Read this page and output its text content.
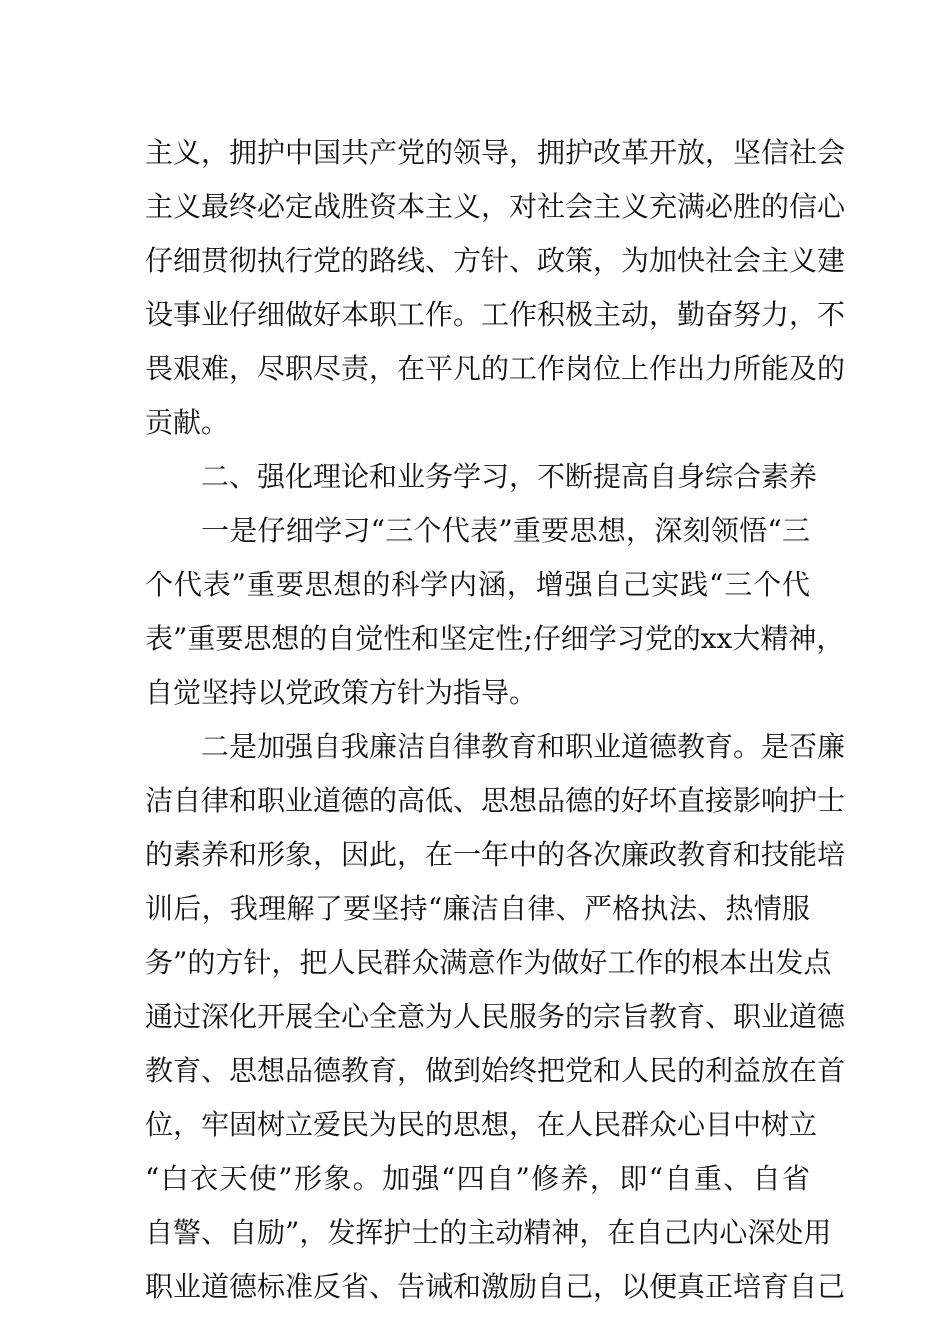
主义，拥护中国共产党的领导，拥护改革开放，坚信社会
主义最终必定战胜资本主义，对社会主义充满必胜的信心
仔细贯彻执行党的路线、方针、政策，为加快社会主义建
设事业仔细做好本职工作。工作积极主动，勤奋努力，不
畏艰难，尽职尽责，在平凡的工作岗位上作出力所能及的
贡献。
二、强化理论和业务学习，不断提高自身综合素养
一是仔细学习“三个代表”重要思想，深刻领悟“三
个代表”重要思想的科学内涵，增强自己实践“三个代
表”重要思想的自觉性和坚定性;仔细学习党的xx大精神，
自觉坚持以党政策方针为指导。
二是加强自我廉洁自律教育和职业道德教育。是否廉
洁自律和职业道德的高低、思想品德的好坏直接影响护士
的素养和形象，因此，在一年中的各次廉政教育和技能培
训后，我理解了要坚持“廉洁自律、严格执法、热情服
务”的方针，把人民群众满意作为做好工作的根本出发点
通过深化开展全心全意为人民服务的宗旨教育、职业道德
教育、思想品德教育，做到始终把党和人民的利益放在首
位，牢固树立爱民为民的思想，在人民群众心目中树立
“白衣天使”形象。加强“四自”修养，即“自重、自省
自警、自励”，发挥护士的主动精神，在自己内心深处用
职业道德标准反省、告诫和激励自己，以便真正培育自己
